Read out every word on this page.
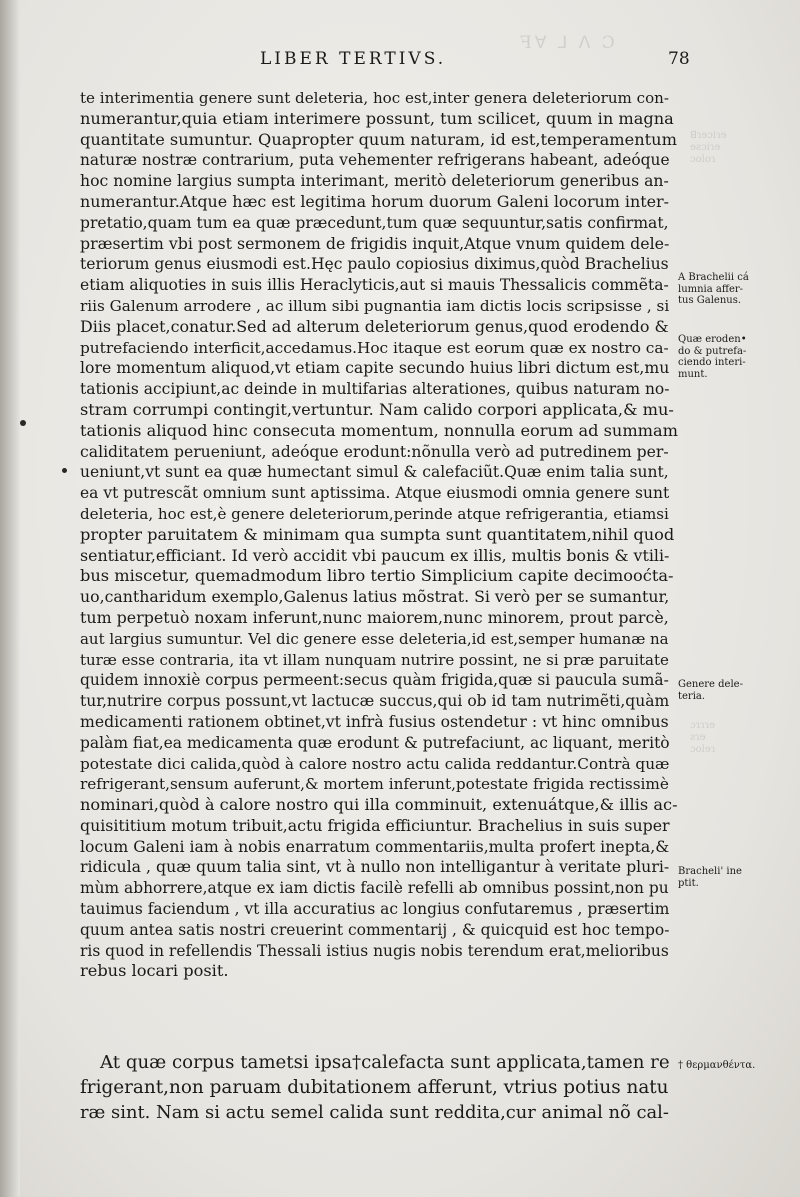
ꟻꓯ ⅃ ⴷ Ɔ
LIBER TERTIVS.	78
te interimentia genere sunt deleteria, hoc est,inter genera deleteriorum con-
numerantur,quia etiam interimere possunt, tum scilicet, quum in magna
quantitate sumuntur. Quapropter quum naturam, id est,temperamentum
naturæ nostræ contrarium, puta vehementer refrigerans habeant, adeóque
hoc nomine largius sumpta interimant, meritò deleteriorum generibus an-
numerantur.Atque hæc est legitima horum duorum Galeni locorum inter-
pretatio,quam tum ea quæ præcedunt,tum quæ sequuntur,satis confirmat,
præsertim vbi post sermonem de frigidis inquit,Atque vnum quidem dele-
teriorum genus eiusmodi est.Hęc paulo copiosius diximus,quòd Brachelius
etiam aliquoties in suis illis Heraclyticis,aut si mauis Thessalicis commẽta-
riis Galenum arrodere , ac illum sibi pugnantia iam dictis locis scripsisse , si
Diis placet,conatur.Sed ad alterum deleteriorum genus,quod erodendo &
putrefaciendo interficit,accedamus.Hoc itaque est eorum quæ ex nostro ca-
lore momentum aliquod,vt etiam capite secundo huius libri dictum est,mu
tationis accipiunt,ac deinde in multifarias alterationes, quibus naturam no-
stram corrumpi contingit,vertuntur. Nam calido corpori applicata,& mu-
tationis aliquod hinc consecuta momentum, nonnulla eorum ad summam
caliditatem perueniunt, adeóque erodunt:nõnulla verò ad putredinem per-
ueniunt,vt sunt ea quæ humectant simul & calefaciũt.Quæ enim talia sunt,
ea vt putrescãt omnium sunt aptissima. Atque eiusmodi omnia genere sunt
deleteria, hoc est,è genere deleteriorum,perinde atque refrigerantia, etiamsi
propter paruitatem & minimam qua sumpta sunt quantitatem,nihil quod
sentiatur,efficiant. Id verò accidit vbi paucum ex illis, multis bonis & vtili-
bus miscetur, quemadmodum libro tertio Simplicium capite decimooćta-
uo,cantharidum exemplo,Galenus latius mõstrat. Si verò per se sumantur,
tum perpetuò noxam inferunt,nunc maiorem,nunc minorem, prout parcè,
aut largius sumuntur. Vel dic genere esse deleteria,id est,semper humanæ na
turæ esse contraria, ita vt illam nunquam nutrire possint, ne si præ paruitate
quidem innoxiè corpus permeent:secus quàm frigida,quæ si paucula sumã-
tur,nutrire corpus possunt,vt lactucæ succus,qui ob id tam nutrimẽti,quàm
medicamenti rationem obtinet,vt infrà fusius ostendetur : vt hinc omnibus
palàm fiat,ea medicamenta quæ erodunt & putrefaciunt, ac liquant, meritò
potestate dici calida,quòd à calore nostro actu calida reddantur.Contrà quæ
refrigerant,sensum auferunt,& mortem inferunt,potestate frigida rectissimè
nominari,quòd à calore nostro qui illa comminuit, extenuátque,& illis ac-
quisititium motum tribuit,actu frigida efficiuntur. Brachelius in suis super
locum Galeni iam à nobis enarratum commentariis,multa profert inepta,&
ridicula , quæ quum talia sint, vt à nullo non intelligantur à veritate pluri-
mùm abhorrere,atque ex iam dictis facilè refelli ab omnibus possint,non pu
tauimus faciendum , vt illa accuratius ac longius confutaremus , præsertim
quum antea satis nostri creuerint commentarij , & quicquid est hoc tempo-
ris quod in refellendis Thessali istius nugis nobis terendum erat,melioribus
rebus locari posit.
At quæ corpus tametsi ipsa†calefacta sunt applicata,tamen re
frigerant,non paruam dubitationem afferunt, vtrius potius natu
ræ sint. Nam si actu semel calida sunt reddita,cur animal nõ cal-
A Brachelii cá
lumnia affer-
tus Galenus.
Quæ eroden•
do & putrefa-
ciendo interi-
munt.
Genere dele-
teria.
Bracheli' ine
ptit.
† θερμανθέντα.
ꓭɿɘɔiɿɘ
ɘƨɔiɿɘ
ɔoloɿ
ɔɿɿɿɘ
ƨɿɘ
ɔolɘɿ
